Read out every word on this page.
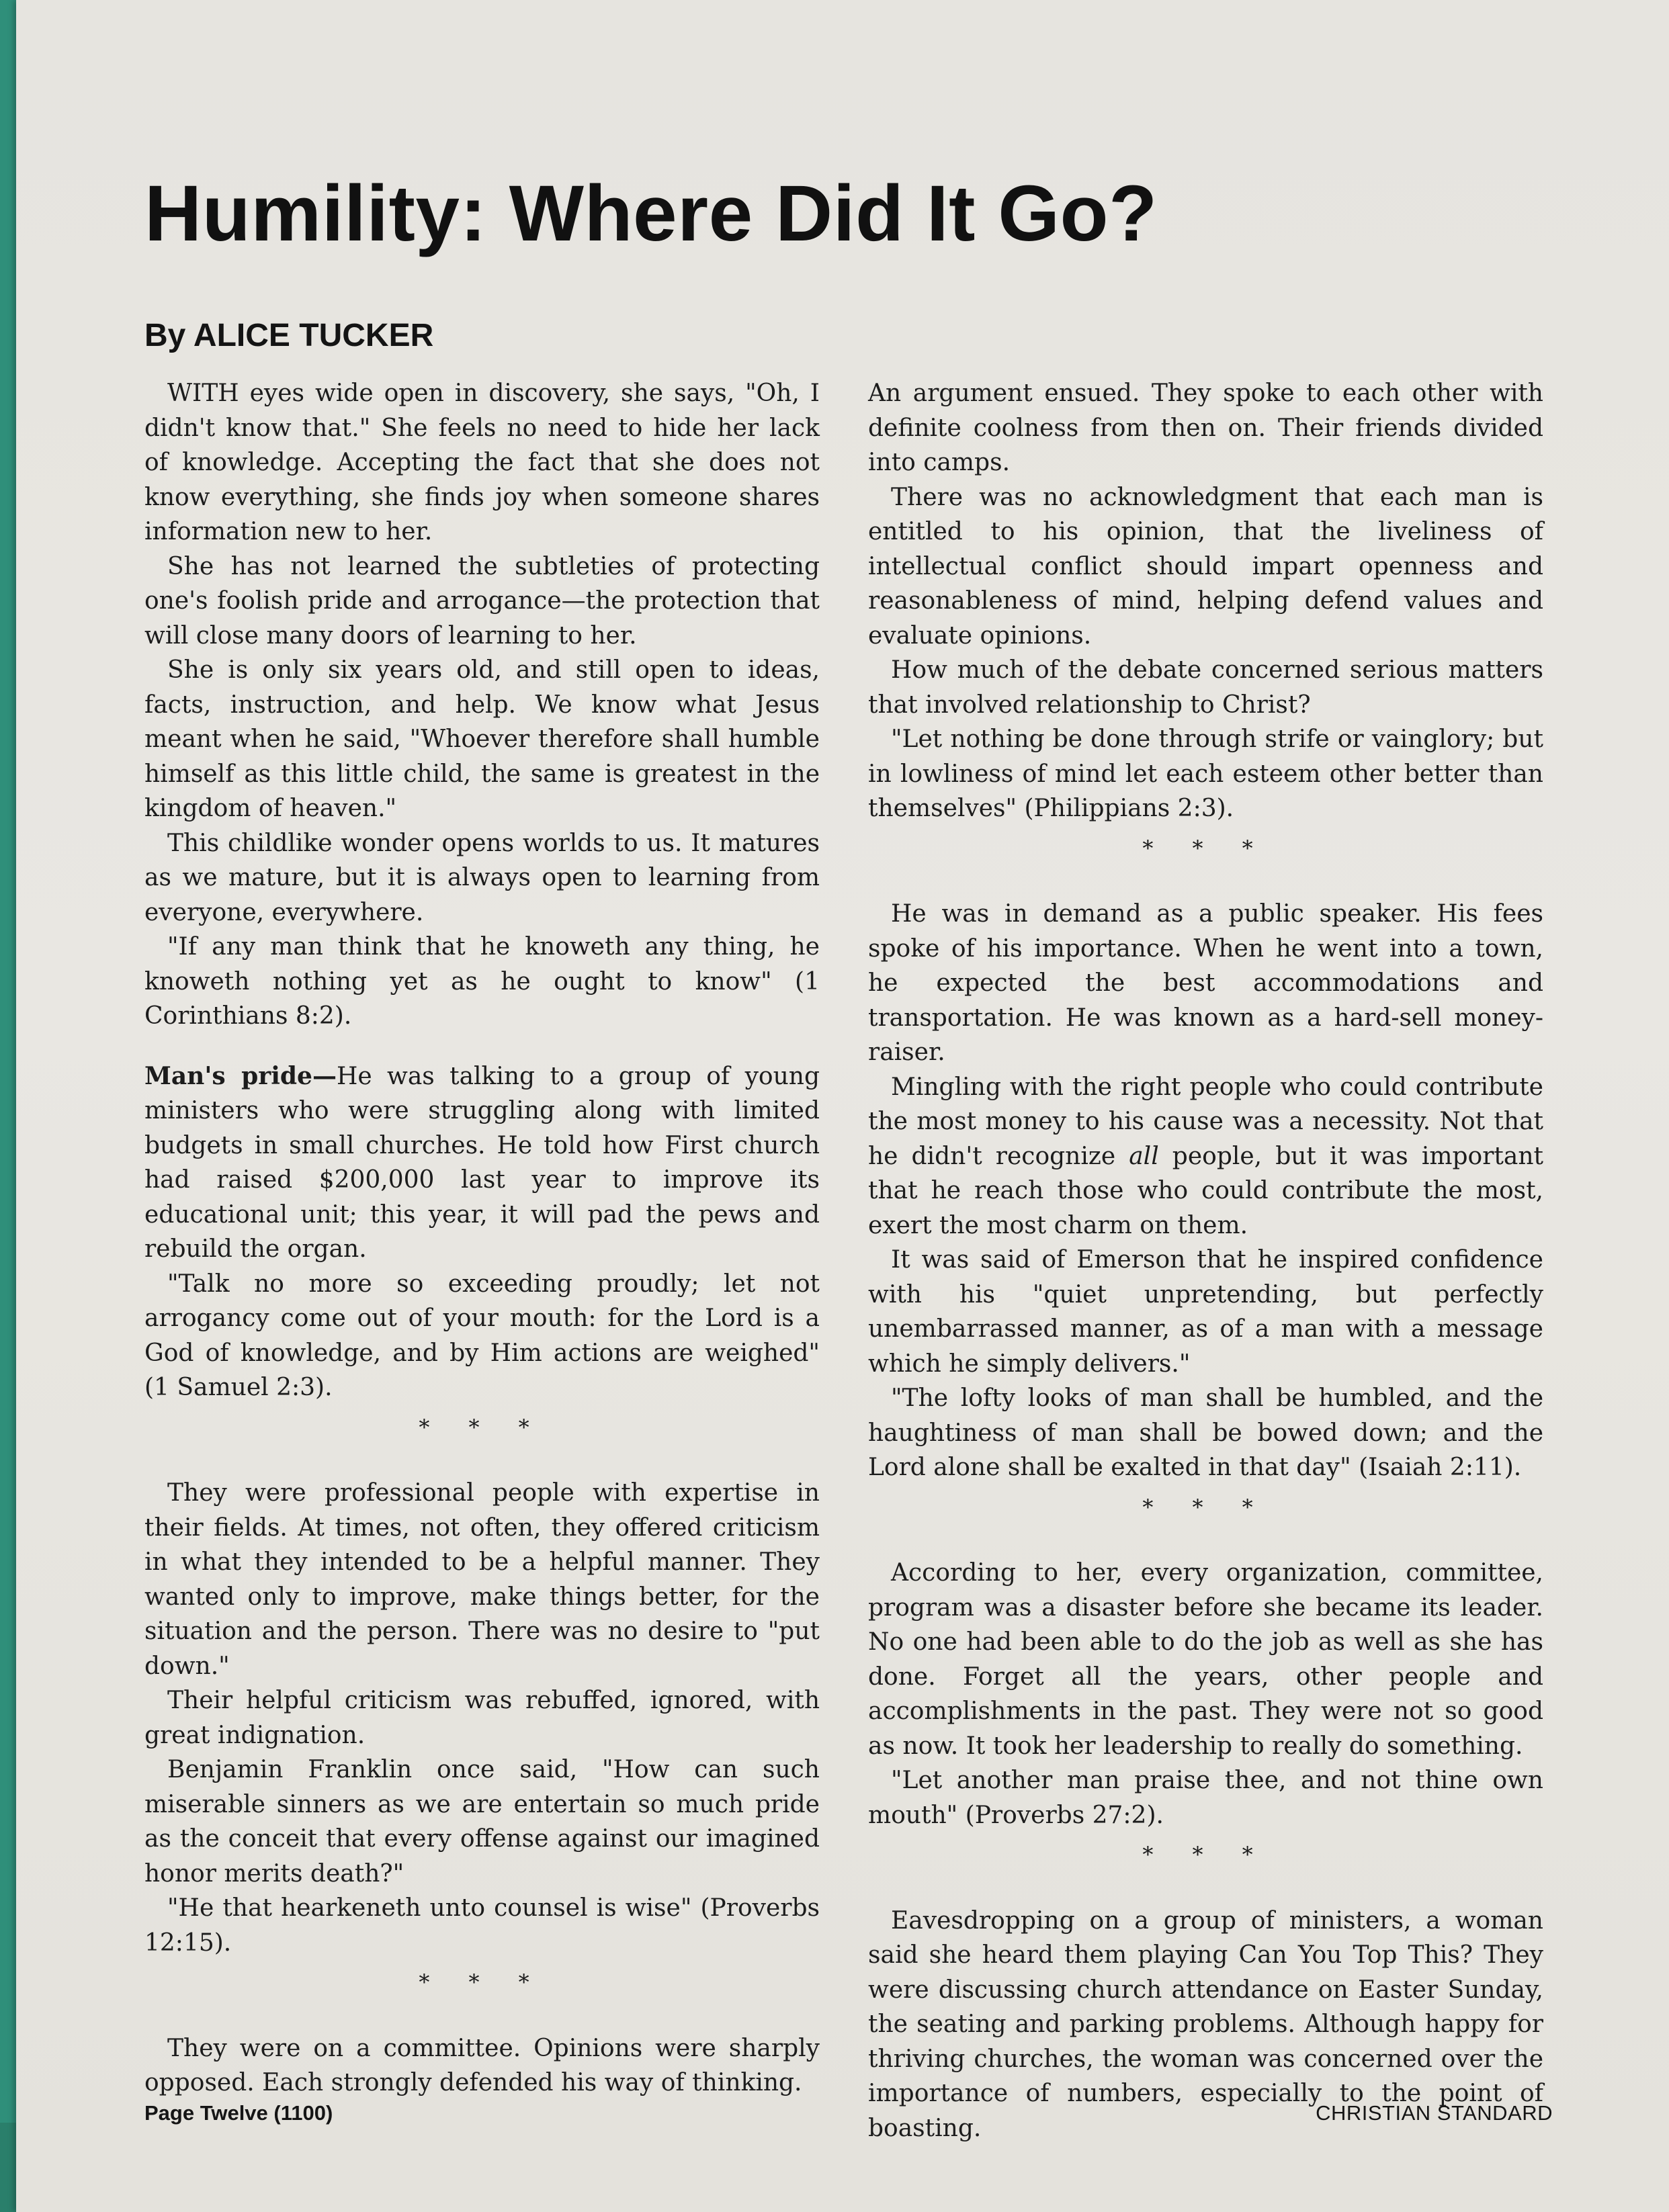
Humility: Where Did It Go?
By ALICE TUCKER

WITH eyes wide open in discovery, she says, "Oh, I didn't know that." She feels no need to hide her lack of knowledge. Accepting the fact that she does not know everything, she finds joy when someone shares information new to her.

She has not learned the subtleties of protecting one's foolish pride and arrogance—the protection that will close many doors of learning to her.

She is only six years old, and still open to ideas, facts, instruction, and help. We know what Jesus meant when he said, "Whoever therefore shall humble himself as this little child, the same is greatest in the kingdom of heaven."

This childlike wonder opens worlds to us. It matures as we mature, but it is always open to learning from everyone, everywhere.

"If any man think that he knoweth any thing, he knoweth nothing yet as he ought to know" (1 Corinthians 8:2).

Man's pride—He was talking to a group of young ministers who were struggling along with limited budgets in small churches. He told how First church had raised $200,000 last year to improve its educational unit; this year, it will pad the pews and rebuild the organ.

"Talk no more so exceeding proudly; let not arrogancy come out of your mouth: for the Lord is a God of knowledge, and by Him actions are weighed" (1 Samuel 2:3).

* * *

They were professional people with expertise in their fields. At times, not often, they offered criticism in what they intended to be a helpful manner. They wanted only to improve, make things better, for the situation and the person. There was no desire to "put down."

Their helpful criticism was rebuffed, ignored, with great indignation.

Benjamin Franklin once said, "How can such miserable sinners as we are entertain so much pride as the conceit that every offense against our imagined honor merits death?"

"He that hearkeneth unto counsel is wise" (Proverbs 12:15).

* * *

They were on a committee. Opinions were sharply opposed. Each strongly defended his way of thinking.

An argument ensued. They spoke to each other with definite coolness from then on. Their friends divided into camps.

There was no acknowledgment that each man is entitled to his opinion, that the liveliness of intellectual conflict should impart openness and reasonableness of mind, helping defend values and evaluate opinions.

How much of the debate concerned serious matters that involved relationship to Christ?

"Let nothing be done through strife or vainglory; but in lowliness of mind let each esteem other better than themselves" (Philippians 2:3).

* * *

He was in demand as a public speaker. His fees spoke of his importance. When he went into a town, he expected the best accommodations and transportation. He was known as a hard-sell money-raiser.

Mingling with the right people who could contribute the most money to his cause was a necessity. Not that he didn't recognize all people, but it was important that he reach those who could contribute the most, exert the most charm on them.

It was said of Emerson that he inspired confidence with his "quiet unpretending, but perfectly unembarrassed manner, as of a man with a message which he simply delivers."

"The lofty looks of man shall be humbled, and the haughtiness of man shall be bowed down; and the Lord alone shall be exalted in that day" (Isaiah 2:11).

* * *

According to her, every organization, committee, program was a disaster before she became its leader. No one had been able to do the job as well as she has done. Forget all the years, other people and accomplishments in the past. They were not so good as now. It took her leadership to really do something.

"Let another man praise thee, and not thine own mouth" (Proverbs 27:2).

* * *

Eavesdropping on a group of ministers, a woman said she heard them playing Can You Top This? They were discussing church attendance on Easter Sunday, the seating and parking problems. Although happy for thriving churches, the woman was concerned over the importance of numbers, especially to the point of boasting.

Page Twelve (1100)	CHRISTIAN STANDARD
